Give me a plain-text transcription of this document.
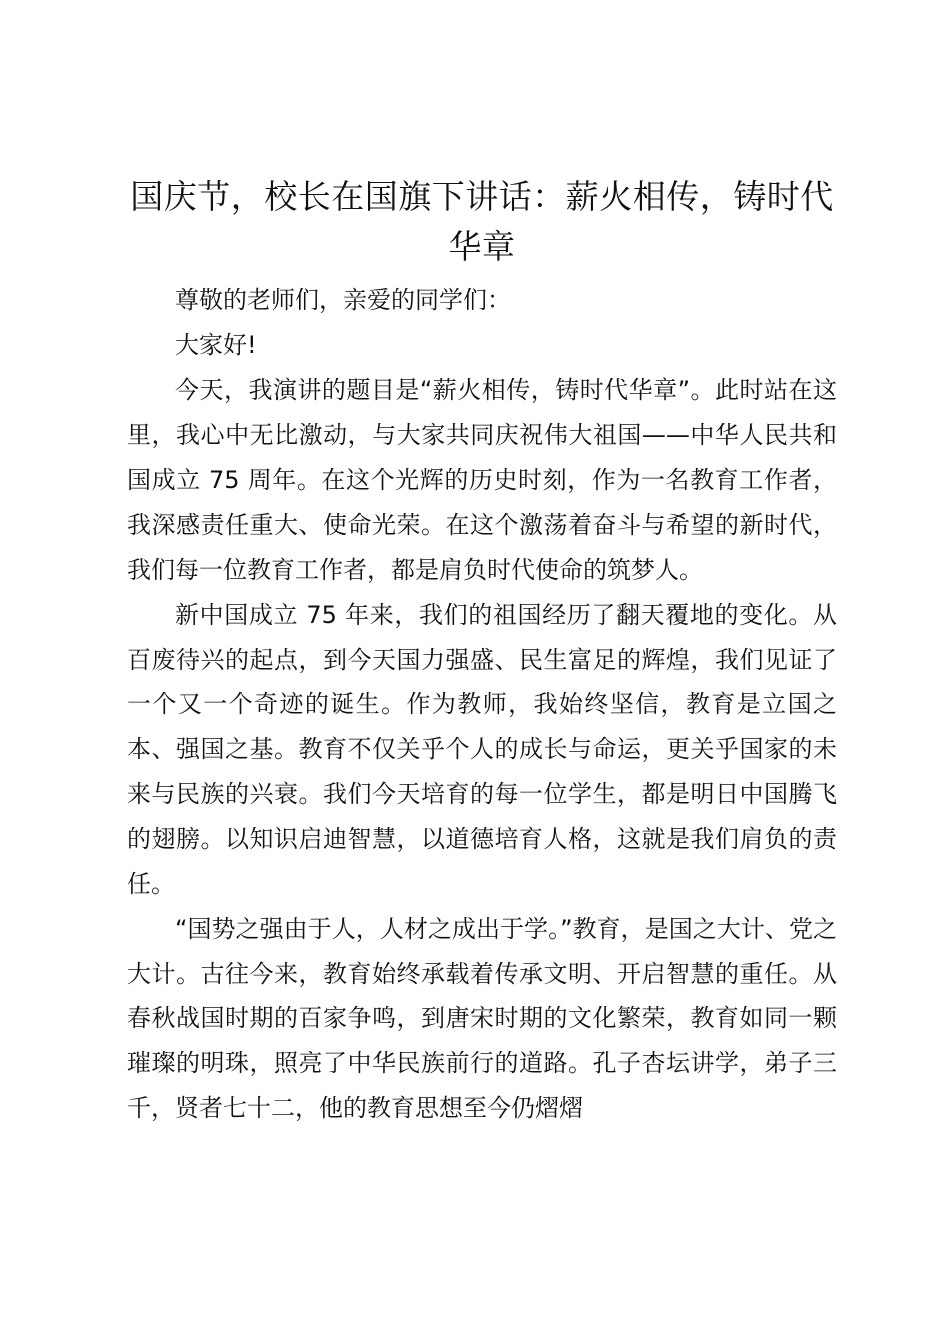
国庆节，校长在国旗下讲话：薪火相传，铸时代华章

尊敬的老师们，亲爱的同学们：

大家好!

今天，我演讲的题目是“薪火相传，铸时代华章”。此时站在这里，我心中无比激动，与大家共同庆祝伟大祖国——中华人民共和国成立 75 周年。在这个光辉的历史时刻，作为一名教育工作者，我深感责任重大、使命光荣。在这个激荡着奋斗与希望的新时代，我们每一位教育工作者，都是肩负时代使命的筑梦人。

新中国成立 75 年来，我们的祖国经历了翻天覆地的变化。从百废待兴的起点，到今天国力强盛、民生富足的辉煌，我们见证了一个又一个奇迹的诞生。作为教师，我始终坚信，教育是立国之本、强国之基。教育不仅关乎个人的成长与命运，更关乎国家的未来与民族的兴衰。我们今天培育的每一位学生，都是明日中国腾飞的翅膀。以知识启迪智慧，以道德培育人格，这就是我们肩负的责任。

“国势之强由于人，人材之成出于学。”教育，是国之大计、党之大计。古往今来，教育始终承载着传承文明、开启智慧的重任。从春秋战国时期的百家争鸣，到唐宋时期的文化繁荣，教育如同一颗璀璨的明珠，照亮了中华民族前行的道路。孔子杏坛讲学，弟子三千，贤者七十二，他的教育思想至今仍熠熠
